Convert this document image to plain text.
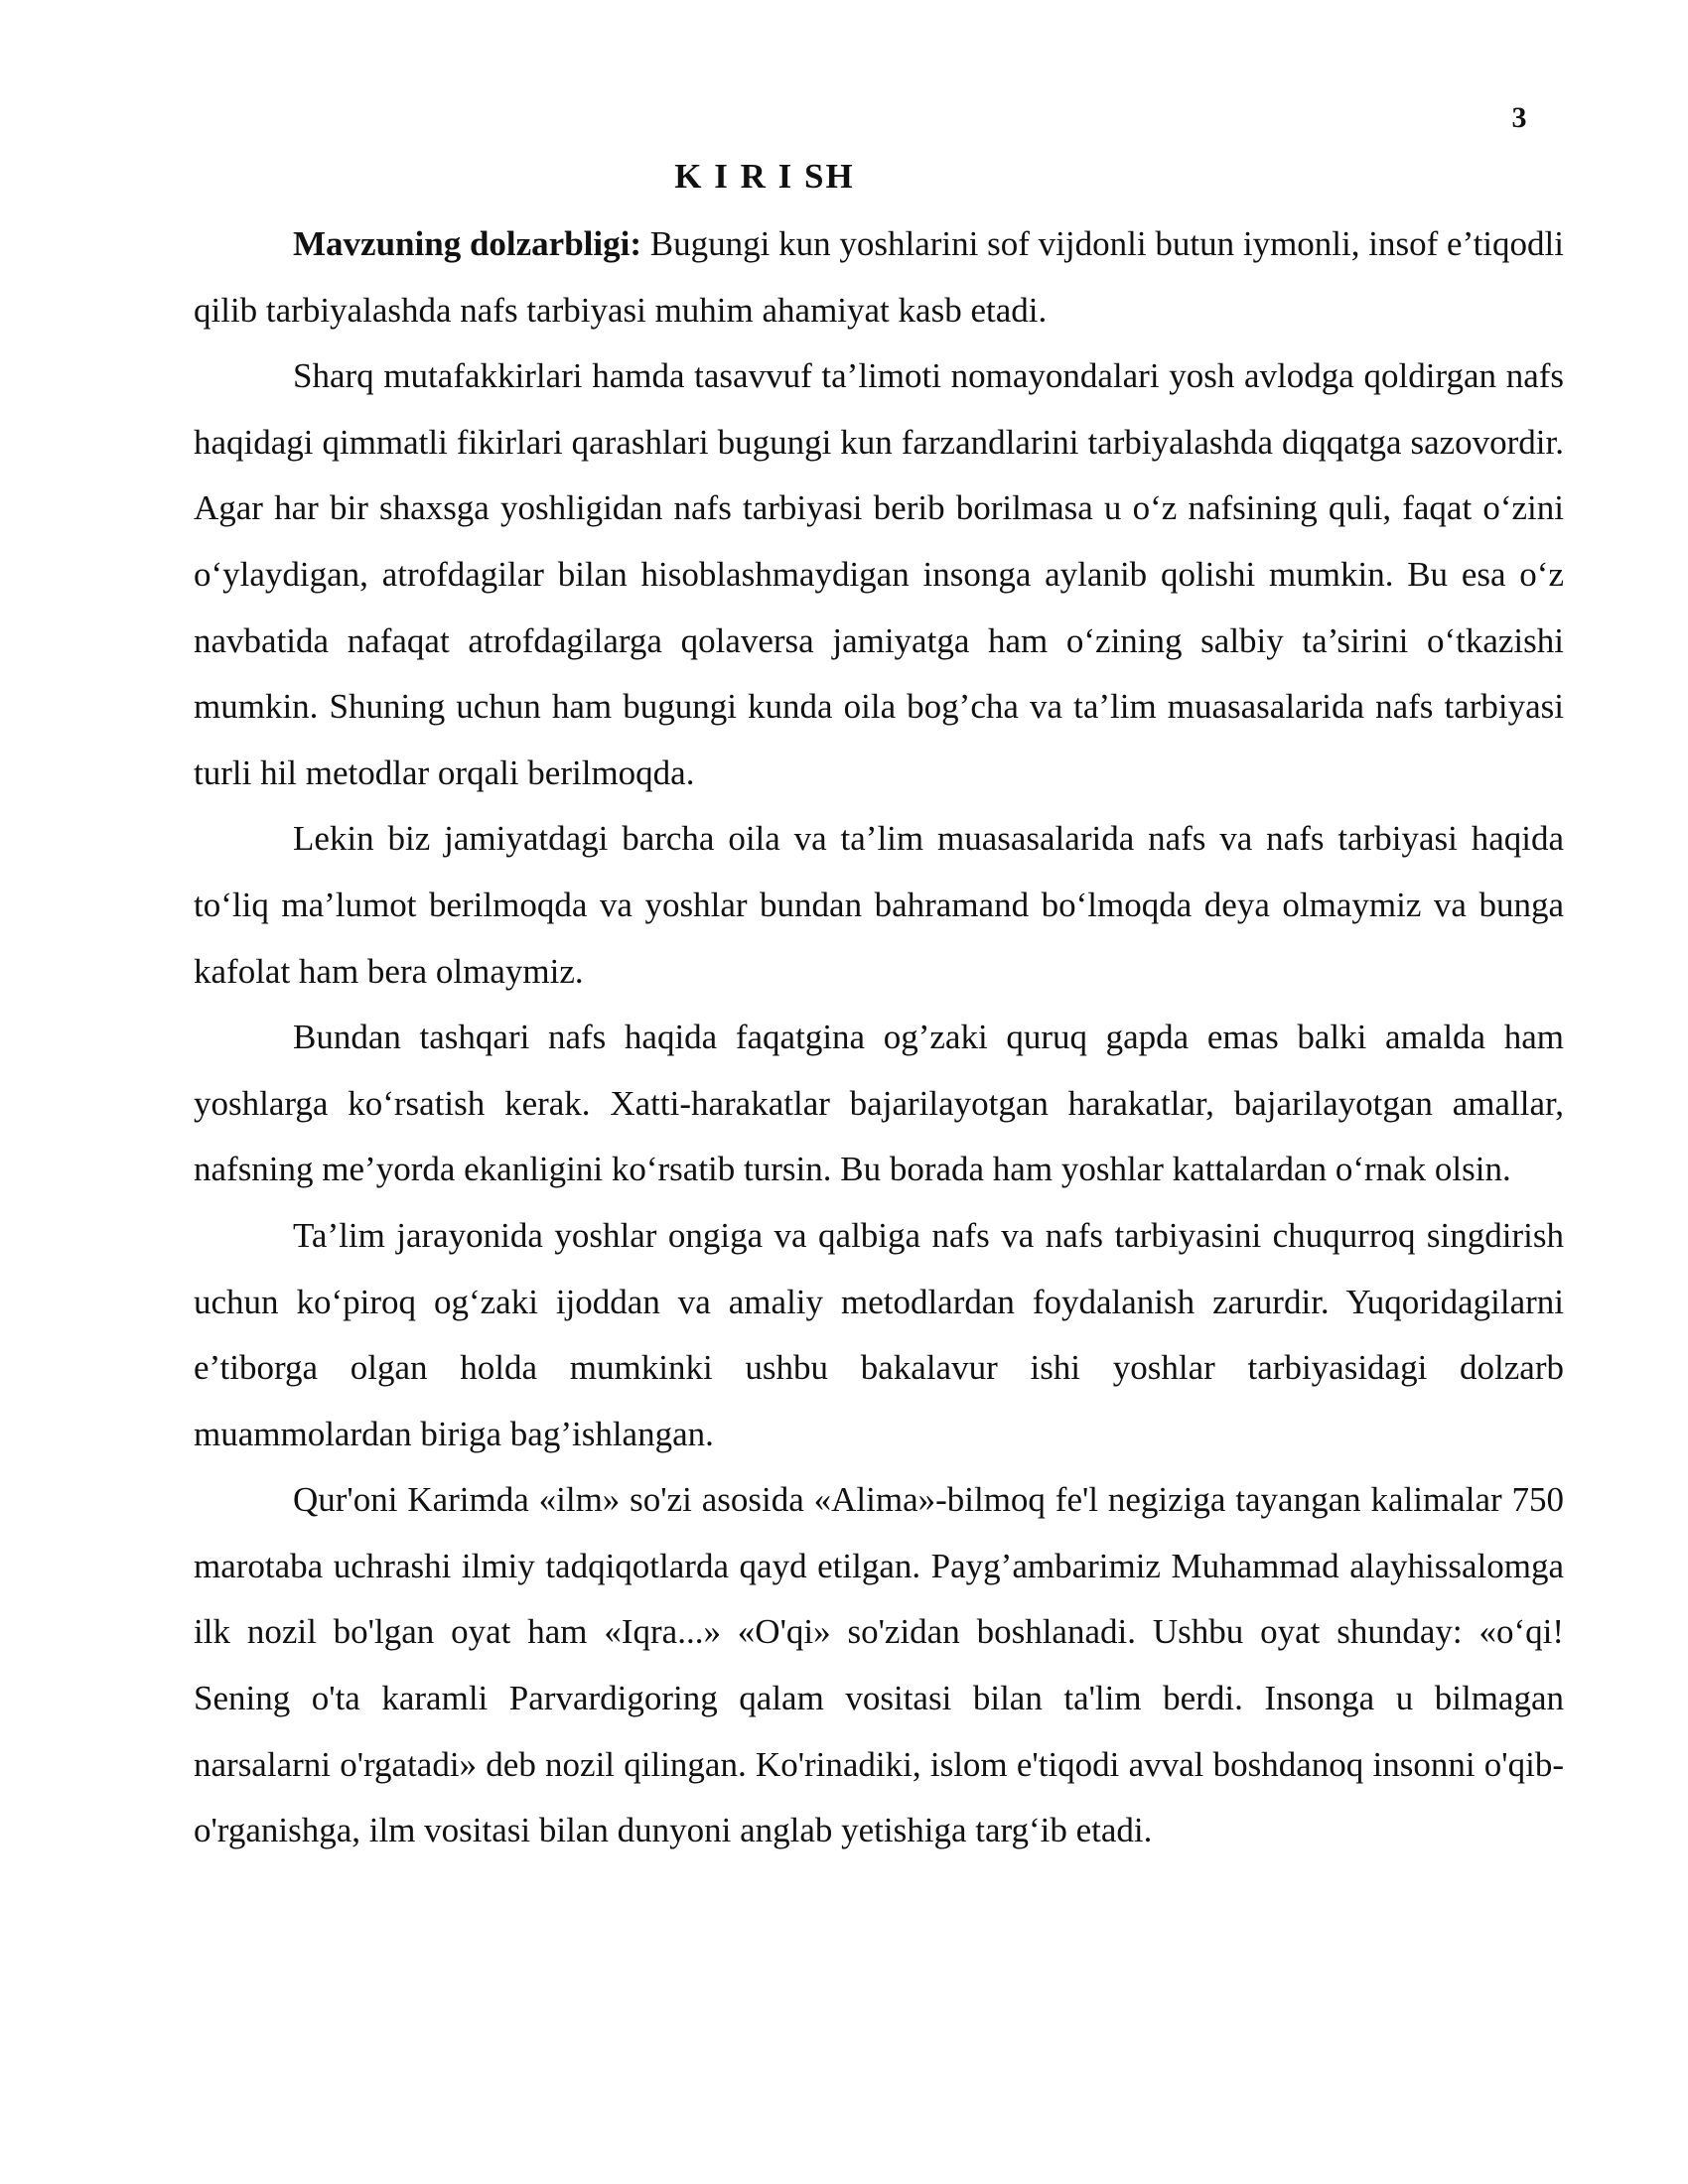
3
K I R I SH

Mavzuning dolzarbligi: Bugungi kun yoshlarini sof vijdonli butun iymonli, insof e’tiqodli qilib tarbiyalashda nafs tarbiyasi muhim ahamiyat kasb etadi.

Sharq mutafakkirlari hamda tasavvuf ta’limoti nomayondalari yosh avlodga qoldirgan nafs haqidagi qimmatli fikirlari qarashlari bugungi kun farzandlarini tarbiyalashda diqqatga sazovordir. Agar har bir shaxsga yoshligidan nafs tarbiyasi berib borilmasa u o‘z nafsining quli, faqat o‘zini o‘ylaydigan, atrofdagilar bilan hisoblashmaydigan insonga aylanib qolishi mumkin. Bu esa o‘z navbatida nafaqat atrofdagilarga qolaversa jamiyatga ham o‘zining salbiy ta’sirini o‘tkazishi mumkin. Shuning uchun ham bugungi kunda oila bog’cha va ta’lim muasasalarida nafs tarbiyasi turli hil metodlar orqali berilmoqda.

Lekin biz jamiyatdagi barcha oila va ta’lim muasasalarida nafs va nafs tarbiyasi haqida to‘liq ma’lumot berilmoqda va yoshlar bundan bahramand bo‘lmoqda deya olmaymiz va bunga kafolat ham bera olmaymiz.

Bundan tashqari nafs haqida faqatgina og’zaki quruq gapda emas balki amalda ham yoshlarga ko‘rsatish kerak. Xatti-harakatlar bajarilayotgan harakatlar, bajarilayotgan amallar, nafsning me’yorda ekanligini ko‘rsatib tursin. Bu borada ham yoshlar kattalardan o‘rnak olsin.

Ta’lim jarayonida yoshlar ongiga va qalbiga nafs va nafs tarbiyasini chuqurroq singdirish uchun ko‘piroq og‘zaki ijoddan va amaliy metodlardan foydalanish zarurdir. Yuqoridagilarni e’tiborga olgan holda mumkinki ushbu bakalavur ishi yoshlar tarbiyasidagi dolzarb muammolardan biriga bag’ishlangan.

Qur'oni Karimda «ilm» so'zi asosida «Alima»-bilmoq fe'l negiziga tayangan kalimalar 750 marotaba uchrashi ilmiy tadqiqotlarda qayd etilgan. Payg’ambarimiz Muhammad alayhissalomga ilk nozil bo'lgan oyat ham «Iqra...» «O'qi» so'zidan boshlanadi. Ushbu oyat shunday: «o‘qi! Sening o'ta karamli Parvardigoring qalam vositasi bilan ta'lim berdi. Insonga u bilmagan narsalarni o'rgatadi» deb nozil qilingan. Ko'rinadiki, islom e'tiqodi avval boshdanoq insonni o'qib-o'rganishga, ilm vositasi bilan dunyoni anglab yetishiga targ‘ib etadi.
